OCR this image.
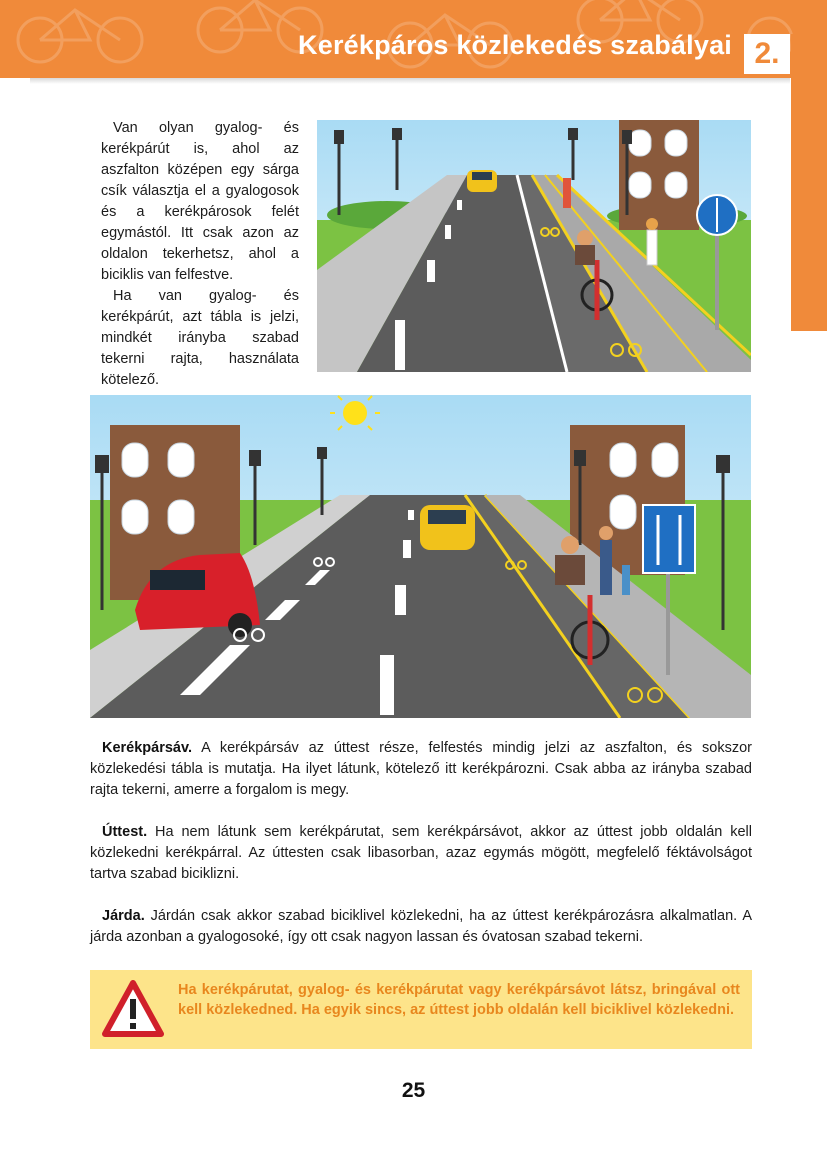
Kerékpáros közlekedés szabályai 2.

Van olyan gyalog- és kerékpárút is, ahol az aszfalton középen egy sárga csík választja el a gyalogosok és a kerékpárosok felét egymástól. Itt csak azon az oldalon tekerhetsz, ahol a biciklis van felfestve.

Ha van gyalog- és kerékpárút, azt tábla is jelzi, mindkét irányba szabad tekerni rajta, használata kötelező.

Kerékpársáv. A kerékpársáv az úttest része, felfestés mindig jelzi az aszfalton, és sokszor közlekedési tábla is mutatja. Ha ilyet látunk, kötelező itt kerékpározni. Csak abba az irányba szabad rajta tekerni, amerre a forgalom is megy.
Úttest. Ha nem látunk sem kerékpárutat, sem kerékpársávot, akkor az úttest jobb oldalán kell közlekedni kerékpárral. Az úttesten csak libasorban, azaz egymás mögött, megfelelő féktávolságot tartva szabad biciklizni.
Járda. Járdán csak akkor szabad biciklivel közlekedni, ha az úttest kerékpározásra alkalmatlan. A járda azonban a gyalogosoké, így ott csak nagyon lassan és óvatosan szabad tekerni.
Ha kerékpárutat, gyalog- és kerékpárutat vagy kerékpársávot látsz, bringával ott kell közlekedned. Ha egyik sincs, az úttest jobb oldalán kell biciklivel közlekedni.
25
